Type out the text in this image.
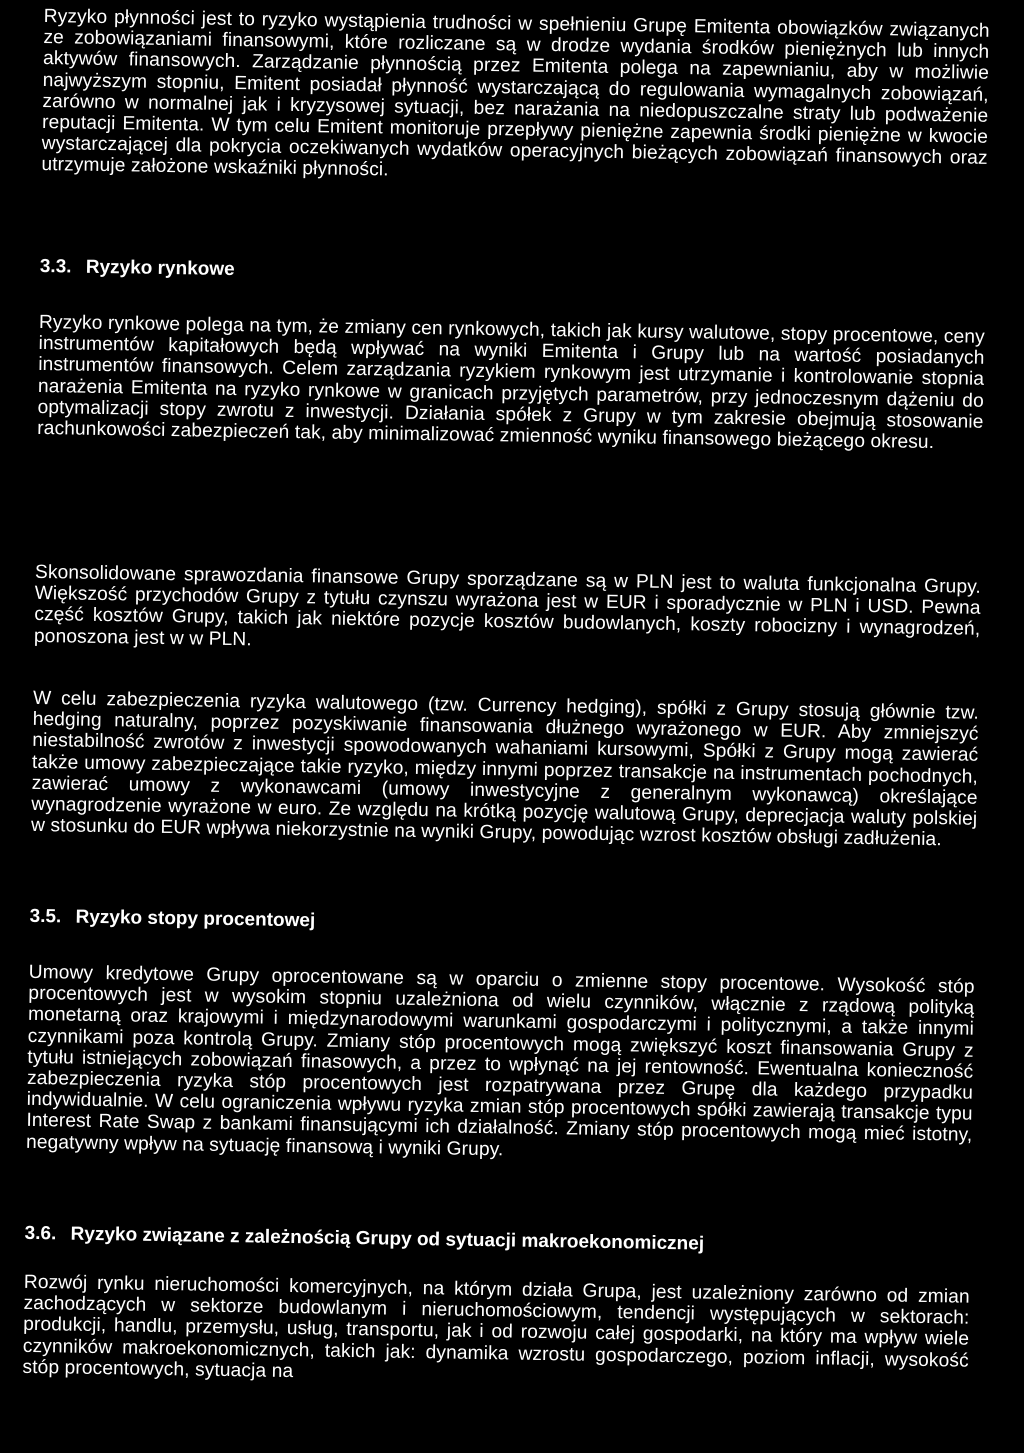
Ryzyko płynności jest to ryzyko wystąpienia trudności w spełnieniu Grupę Emitenta obowiązków związanych ze zobowiązaniami finansowymi, które rozliczane są w drodze wydania środków pieniężnych lub innych aktywów finansowych. Zarządzanie płynnością przez Emitenta polega na zapewnianiu, aby w możliwie najwyższym stopniu, Emitent posiadał płynność wystarczającą do regulowania wymagalnych zobowiązań, zarówno w normalnej jak i kryzysowej sytuacji, bez narażania na niedopuszczalne straty lub podważenie reputacji Emitenta. W tym celu Emitent monitoruje przepływy pieniężne zapewnia środki pieniężne w kwocie wystarczającej dla pokrycia oczekiwanych wydatków operacyjnych bieżących zobowiązań finansowych oraz utrzymuje założone wskaźniki płynności.

3.3. Ryzyko rynkowe

Ryzyko rynkowe polega na tym, że zmiany cen rynkowych, takich jak kursy walutowe, stopy procentowe, ceny instrumentów kapitałowych będą wpływać na wyniki Emitenta i Grupy lub na wartość posiadanych instrumentów finansowych. Celem zarządzania ryzykiem rynkowym jest utrzymanie i kontrolowanie stopnia narażenia Emitenta na ryzyko rynkowe w granicach przyjętych parametrów, przy jednoczesnym dążeniu do optymalizacji stopy zwrotu z inwestycji. Działania spółek z Grupy w tym zakresie obejmują stosowanie rachunkowości zabezpieczeń tak, aby minimalizować zmienność wyniku finansowego bieżącego okresu.

Skonsolidowane sprawozdania finansowe Grupy sporządzane są w PLN jest to waluta funkcjonalna Grupy. Większość przychodów Grupy z tytułu czynszu wyrażona jest w EUR i sporadycznie w PLN i USD. Pewna część kosztów Grupy, takich jak niektóre pozycje kosztów budowlanych, koszty robocizny i wynagrodzeń, ponoszona jest w w PLN.

W celu zabezpieczenia ryzyka walutowego (tzw. Currency hedging), spółki z Grupy stosują głównie tzw. hedging naturalny, poprzez pozyskiwanie finansowania dłużnego wyrażonego w EUR. Aby zmniejszyć niestabilność zwrotów z inwestycji spowodowanych wahaniami kursowymi, Spółki z Grupy mogą zawierać także umowy zabezpieczające takie ryzyko, między innymi poprzez transakcje na instrumentach pochodnych, zawierać umowy z wykonawcami (umowy inwestycyjne z generalnym wykonawcą) określające wynagrodzenie wyrażone w euro. Ze względu na krótką pozycję walutową Grupy, deprecjacja waluty polskiej w stosunku do EUR wpływa niekorzystnie na wyniki Grupy, powodując wzrost kosztów obsługi zadłużenia.

3.5. Ryzyko stopy procentowej

Umowy kredytowe Grupy oprocentowane są w oparciu o zmienne stopy procentowe. Wysokość stóp procentowych jest w wysokim stopniu uzależniona od wielu czynników, włącznie z rządową polityką monetarną oraz krajowymi i międzynarodowymi warunkami gospodarczymi i politycznymi, a także innymi czynnikami poza kontrolą Grupy. Zmiany stóp procentowych mogą zwiększyć koszt finansowania Grupy z tytułu istniejących zobowiązań finasowych, a przez to wpłynąć na jej rentowność. Ewentualna konieczność zabezpieczenia ryzyka stóp procentowych jest rozpatrywana przez Grupę dla każdego przypadku indywidualnie. W celu ograniczenia wpływu ryzyka zmian stóp procentowych spółki zawierają transakcje typu Interest Rate Swap z bankami finansującymi ich działalność. Zmiany stóp procentowych mogą mieć istotny, negatywny wpływ na sytuację finansową i wyniki Grupy.

3.6. Ryzyko związane z zależnością Grupy od sytuacji makroekonomicznej

Rozwój rynku nieruchomości komercyjnych, na którym działa Grupa, jest uzależniony zarówno od zmian zachodzących w sektorze budowlanym i nieruchomościowym, tendencji występujących w sektorach: produkcji, handlu, przemysłu, usług, transportu, jak i od rozwoju całej gospodarki, na który ma wpływ wiele czynników makroekonomicznych, takich jak: dynamika wzrostu gospodarczego, poziom inflacji, wysokość stóp procentowych, sytuacja na
